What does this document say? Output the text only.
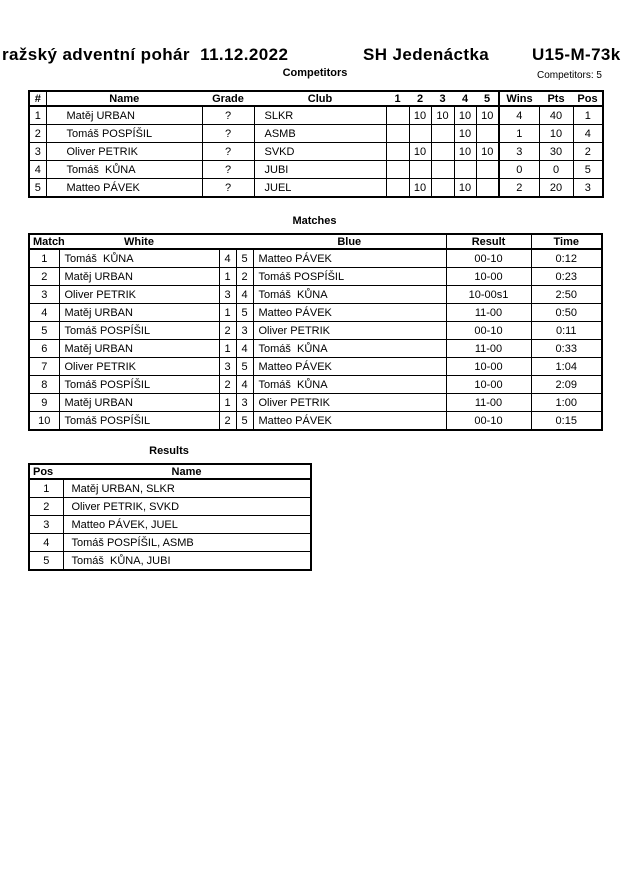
ražský adventní pohár  11.12.2022	SH Jedenáctka	U15-M-73k
Competitors	Competitors: 5
#	Name	Grade	Club	1	2	3	4	5	Wins	Pts	Pos
1	Matěj URBAN	?	SLKR		10	10	10	10	4	40	1
2	Tomáš POSPÍŠIL	?	ASMB				10		1	10	4
3	Oliver PETRIK	?	SVKD		10		10	10	3	30	2
4	Tomáš  KŮNA	?	JUBI						0	0	5
5	Matteo PÁVEK	?	JUEL		10		10		2	20	3
Matches
Match	White			Blue	Result	Time
1	Tomáš  KŮNA	4	5	Matteo PÁVEK	00-10	0:12
2	Matěj URBAN	1	2	Tomáš POSPÍŠIL	10-00	0:23
3	Oliver PETRIK	3	4	Tomáš  KŮNA	10-00s1	2:50
4	Matěj URBAN	1	5	Matteo PÁVEK	11-00	0:50
5	Tomáš POSPÍŠIL	2	3	Oliver PETRIK	00-10	0:11
6	Matěj URBAN	1	4	Tomáš  KŮNA	11-00	0:33
7	Oliver PETRIK	3	5	Matteo PÁVEK	10-00	1:04
8	Tomáš POSPÍŠIL	2	4	Tomáš  KŮNA	10-00	2:09
9	Matěj URBAN	1	3	Oliver PETRIK	11-00	1:00
10	Tomáš POSPÍŠIL	2	5	Matteo PÁVEK	00-10	0:15
Results
Pos	Name
1	Matěj URBAN, SLKR
2	Oliver PETRIK, SVKD
3	Matteo PÁVEK, JUEL
4	Tomáš POSPÍŠIL, ASMB
5	Tomáš  KŮNA, JUBI
